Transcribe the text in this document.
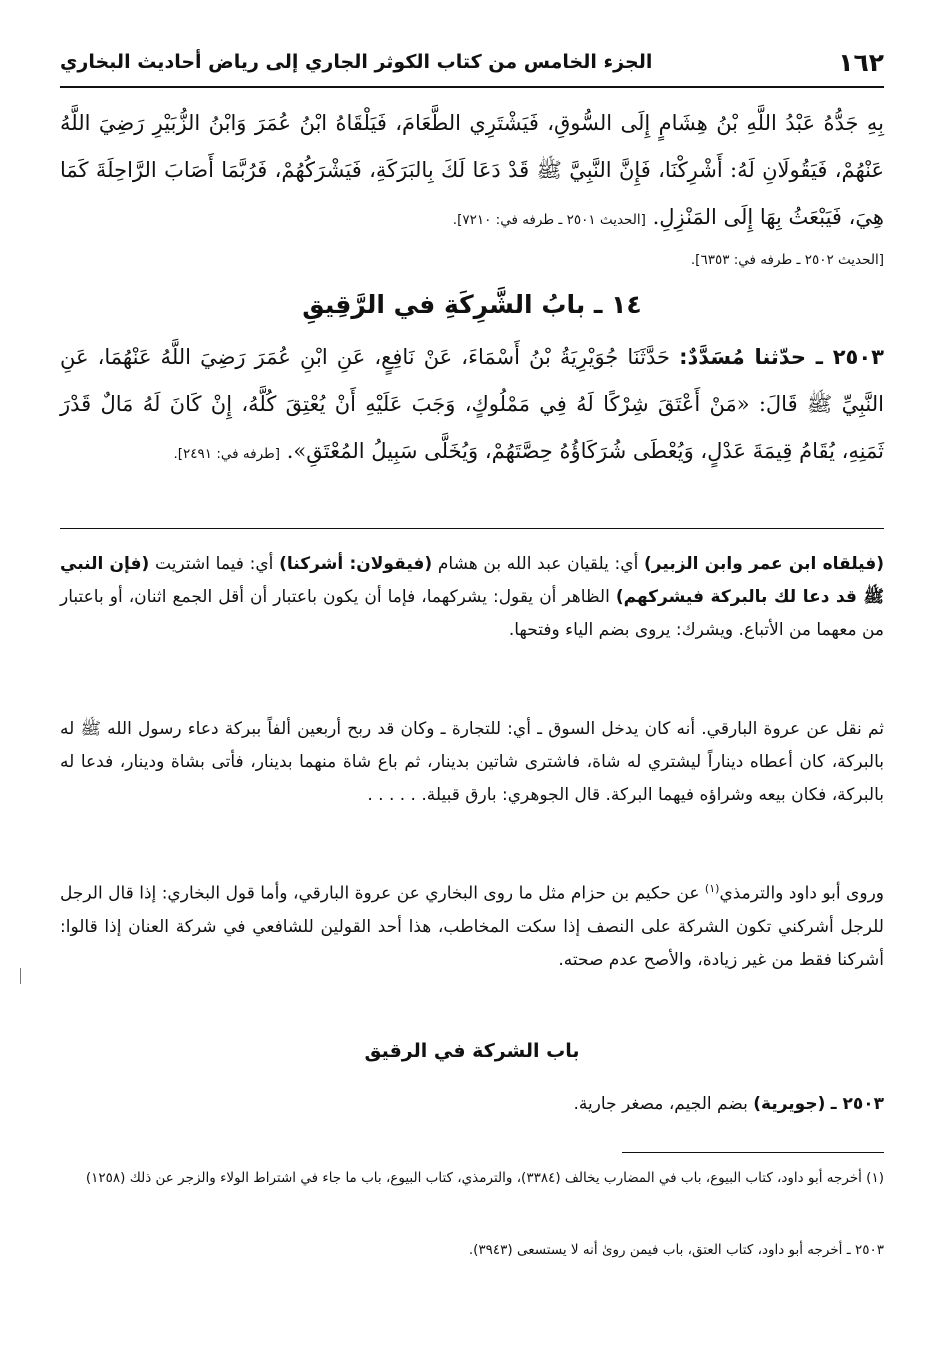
١٦٢
الجزء الخامس من كتاب الكوثر الجاري إلى رياض أحاديث البخاري
بِهِ جَدُّهُ عَبْدُ اللَّهِ بْنُ هِشَامٍ إِلَى السُّوقِ، فَيَشْتَرِي الطَّعَامَ، فَيَلْقَاهُ ابْنُ عُمَرَ وَابْنُ الزُّبَيْرِ رَضِيَ اللَّهُ عَنْهُمْ، فَيَقُولَانِ لَهُ: أَشْرِكْنَا، فَإِنَّ النَّبِيَّ ﷺ قَدْ دَعَا لَكَ بِالبَرَكَةِ، فَيَشْرَكُهُمْ، فَرُبَّمَا أَصَابَ الرَّاحِلَةَ كَمَا هِيَ، فَيَبْعَثُ بِهَا إِلَى المَنْزِلِ. [الحديث ٢٥٠١ ـ طرفه في: ٧٢١٠].
[الحديث ٢٥٠٢ ـ طرفه في: ٦٣٥٣].
١٤ ـ بابُ الشَّرِكَةِ في الرَّقِيقِ
٢٥٠٣ ـ حدّثنا مُسَدَّدٌ: حَدَّثَنَا جُوَيْرِيَةُ بْنُ أَسْمَاءَ، عَنْ نَافِعٍ، عَنِ ابْنِ عُمَرَ رَضِيَ اللَّهُ عَنْهُمَا، عَنِ النَّبِيِّ ﷺ قَالَ: «مَنْ أَعْتَقَ شِرْكًا لَهُ فِي مَمْلُوكٍ، وَجَبَ عَلَيْهِ أَنْ يُعْتِقَ كُلَّهُ، إِنْ كَانَ لَهُ مَالٌ قَدْرَ ثَمَنِهِ، يُقَامُ قِيمَةَ عَدْلٍ، وَيُعْطَى شُرَكَاؤُهُ حِصَّتَهُمْ، وَيُخَلَّى سَبِيلُ المُعْتَقِ». [طرفه في: ٢٤٩١].
(فيلقاه ابن عمر وابن الزبير) أي: يلقيان عبد الله بن هشام (فيقولان: أشركنا) أي: فيما اشتريت (فإن النبي ﷺ قد دعا لك بالبركة فيشركهم) الظاهر أن يقول: يشركهما، فإما أن يكون باعتبار أن أقل الجمع اثنان، أو باعتبار من معهما من الأتباع. ويشرك: يروى بضم الياء وفتحها.
ثم نقل عن عروة البارقي. أنه كان يدخل السوق ـ أي: للتجارة ـ وكان قد ربح أربعين ألفاً ببركة دعاء رسول الله ﷺ له بالبركة، كان أعطاه ديناراً ليشتري له شاة، فاشترى شاتين بدينار، ثم باع شاة منهما بدينار، فأتى بشاة ودينار، فدعا له بالبركة، فكان بيعه وشراؤه فيهما البركة. قال الجوهري: بارق قبيلة. . . . . .
وروى أبو داود والترمذي$^{(١)}$ عن حكيم بن حزام مثل ما روى البخاري عن عروة البارقي، وأما قول البخاري: إذا قال الرجل للرجل أشركني تكون الشركة على النصف إذا سكت المخاطب، هذا أحد القولين للشافعي في شركة العنان إذا قالوا: أشركنا فقط من غير زيادة، والأصح عدم صحته.
باب الشركة في الرقيق
٢٥٠٣ ـ (جويرية) بضم الجيم، مصغر جارية.
(١) أخرجه أبو داود، كتاب البيوع، باب في المضارب يخالف (٣٣٨٤)، والترمذي، كتاب البيوع، باب ما جاء في اشتراط الولاء والزجر عن ذلك (١٢٥٨)
٢٥٠٣ ـ أخرجه أبو داود، كتاب العتق، باب فيمن روىٰ أنه لا يستسعى (٣٩٤٣).
